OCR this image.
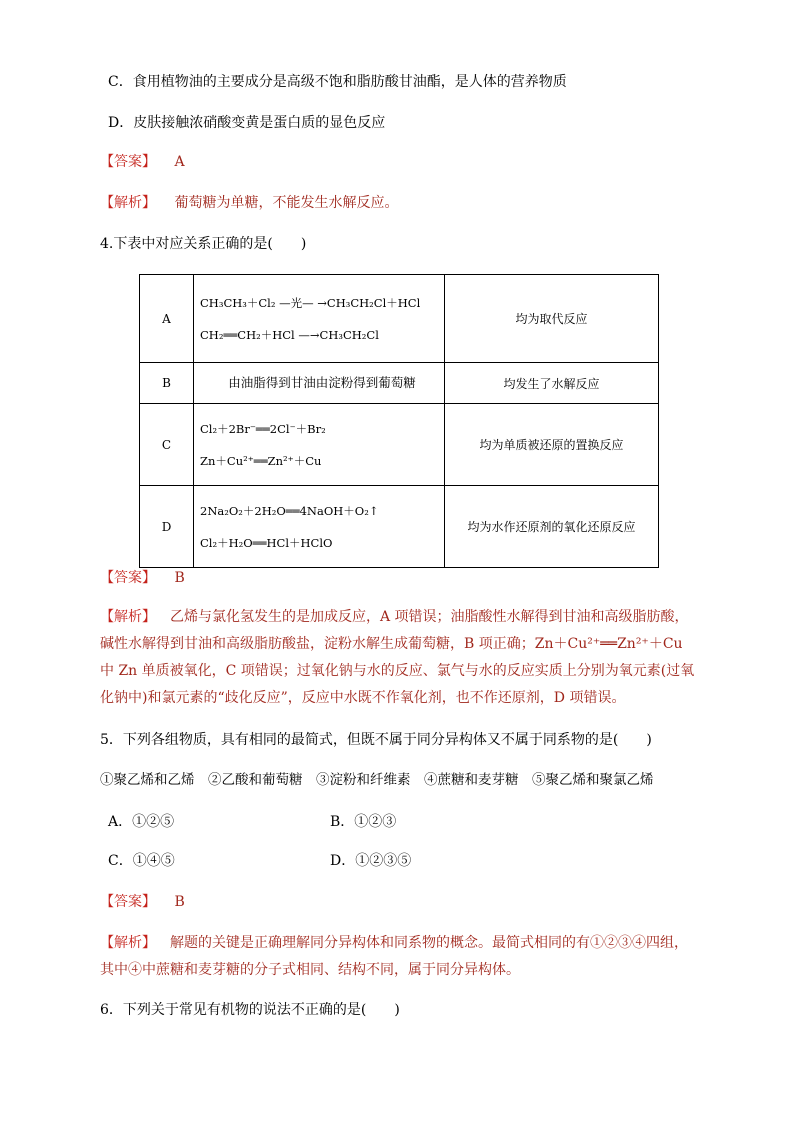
C．食用植物油的主要成分是高级不饱和脂肪酸甘油酯，是人体的营养物质
D．皮肤接触浓硝酸变黄是蛋白质的显色反应
【答案】 A
【解析】 葡萄糖为单糖，不能发生水解反应。
4.下表中对应关系正确的是(　　)
A	CH₃CH₃＋Cl₂ —光— →CH₃CH₂Cl＋HCl
CH₂══CH₂＋HCl —→CH₃CH₂Cl	均为取代反应
B	由油脂得到甘油由淀粉得到葡萄糖	均发生了水解反应
C	Cl₂＋2Br⁻══2Cl⁻＋Br₂
Zn＋Cu²⁺══Zn²⁺＋Cu	均为单质被还原的置换反应
D	2Na₂O₂＋2H₂O══4NaOH＋O₂↑
Cl₂＋H₂O══HCl＋HClO	均为水作还原剂的氧化还原反应
【答案】 B
【解析】 乙烯与氯化氢发生的是加成反应，A 项错误；油脂酸性水解得到甘油和高级脂肪酸，碱性水解得到甘油和高级脂肪酸盐，淀粉水解生成葡萄糖，B 项正确；Zn＋Cu²⁺══Zn²⁺＋Cu 中 Zn 单质被氧化，C 项错误；过氧化钠与水的反应、氯气与水的反应实质上分别为氧元素(过氧化钠中)和氯元素的“歧化反应”，反应中水既不作氧化剂，也不作还原剂，D 项错误。
5．下列各组物质，具有相同的最简式，但既不属于同分异构体又不属于同系物的是(　　)
①聚乙烯和乙烯　②乙酸和葡萄糖　③淀粉和纤维素　④蔗糖和麦芽糖　⑤聚乙烯和聚氯乙烯
A．①②⑤	B．①②③
C．①④⑤	D．①②③⑤
【答案】 B
【解析】 解题的关键是正确理解同分异构体和同系物的概念。最简式相同的有①②③④四组，其中④中蔗糖和麦芽糖的分子式相同、结构不同，属于同分异构体。
6．下列关于常见有机物的说法不正确的是(　　)
